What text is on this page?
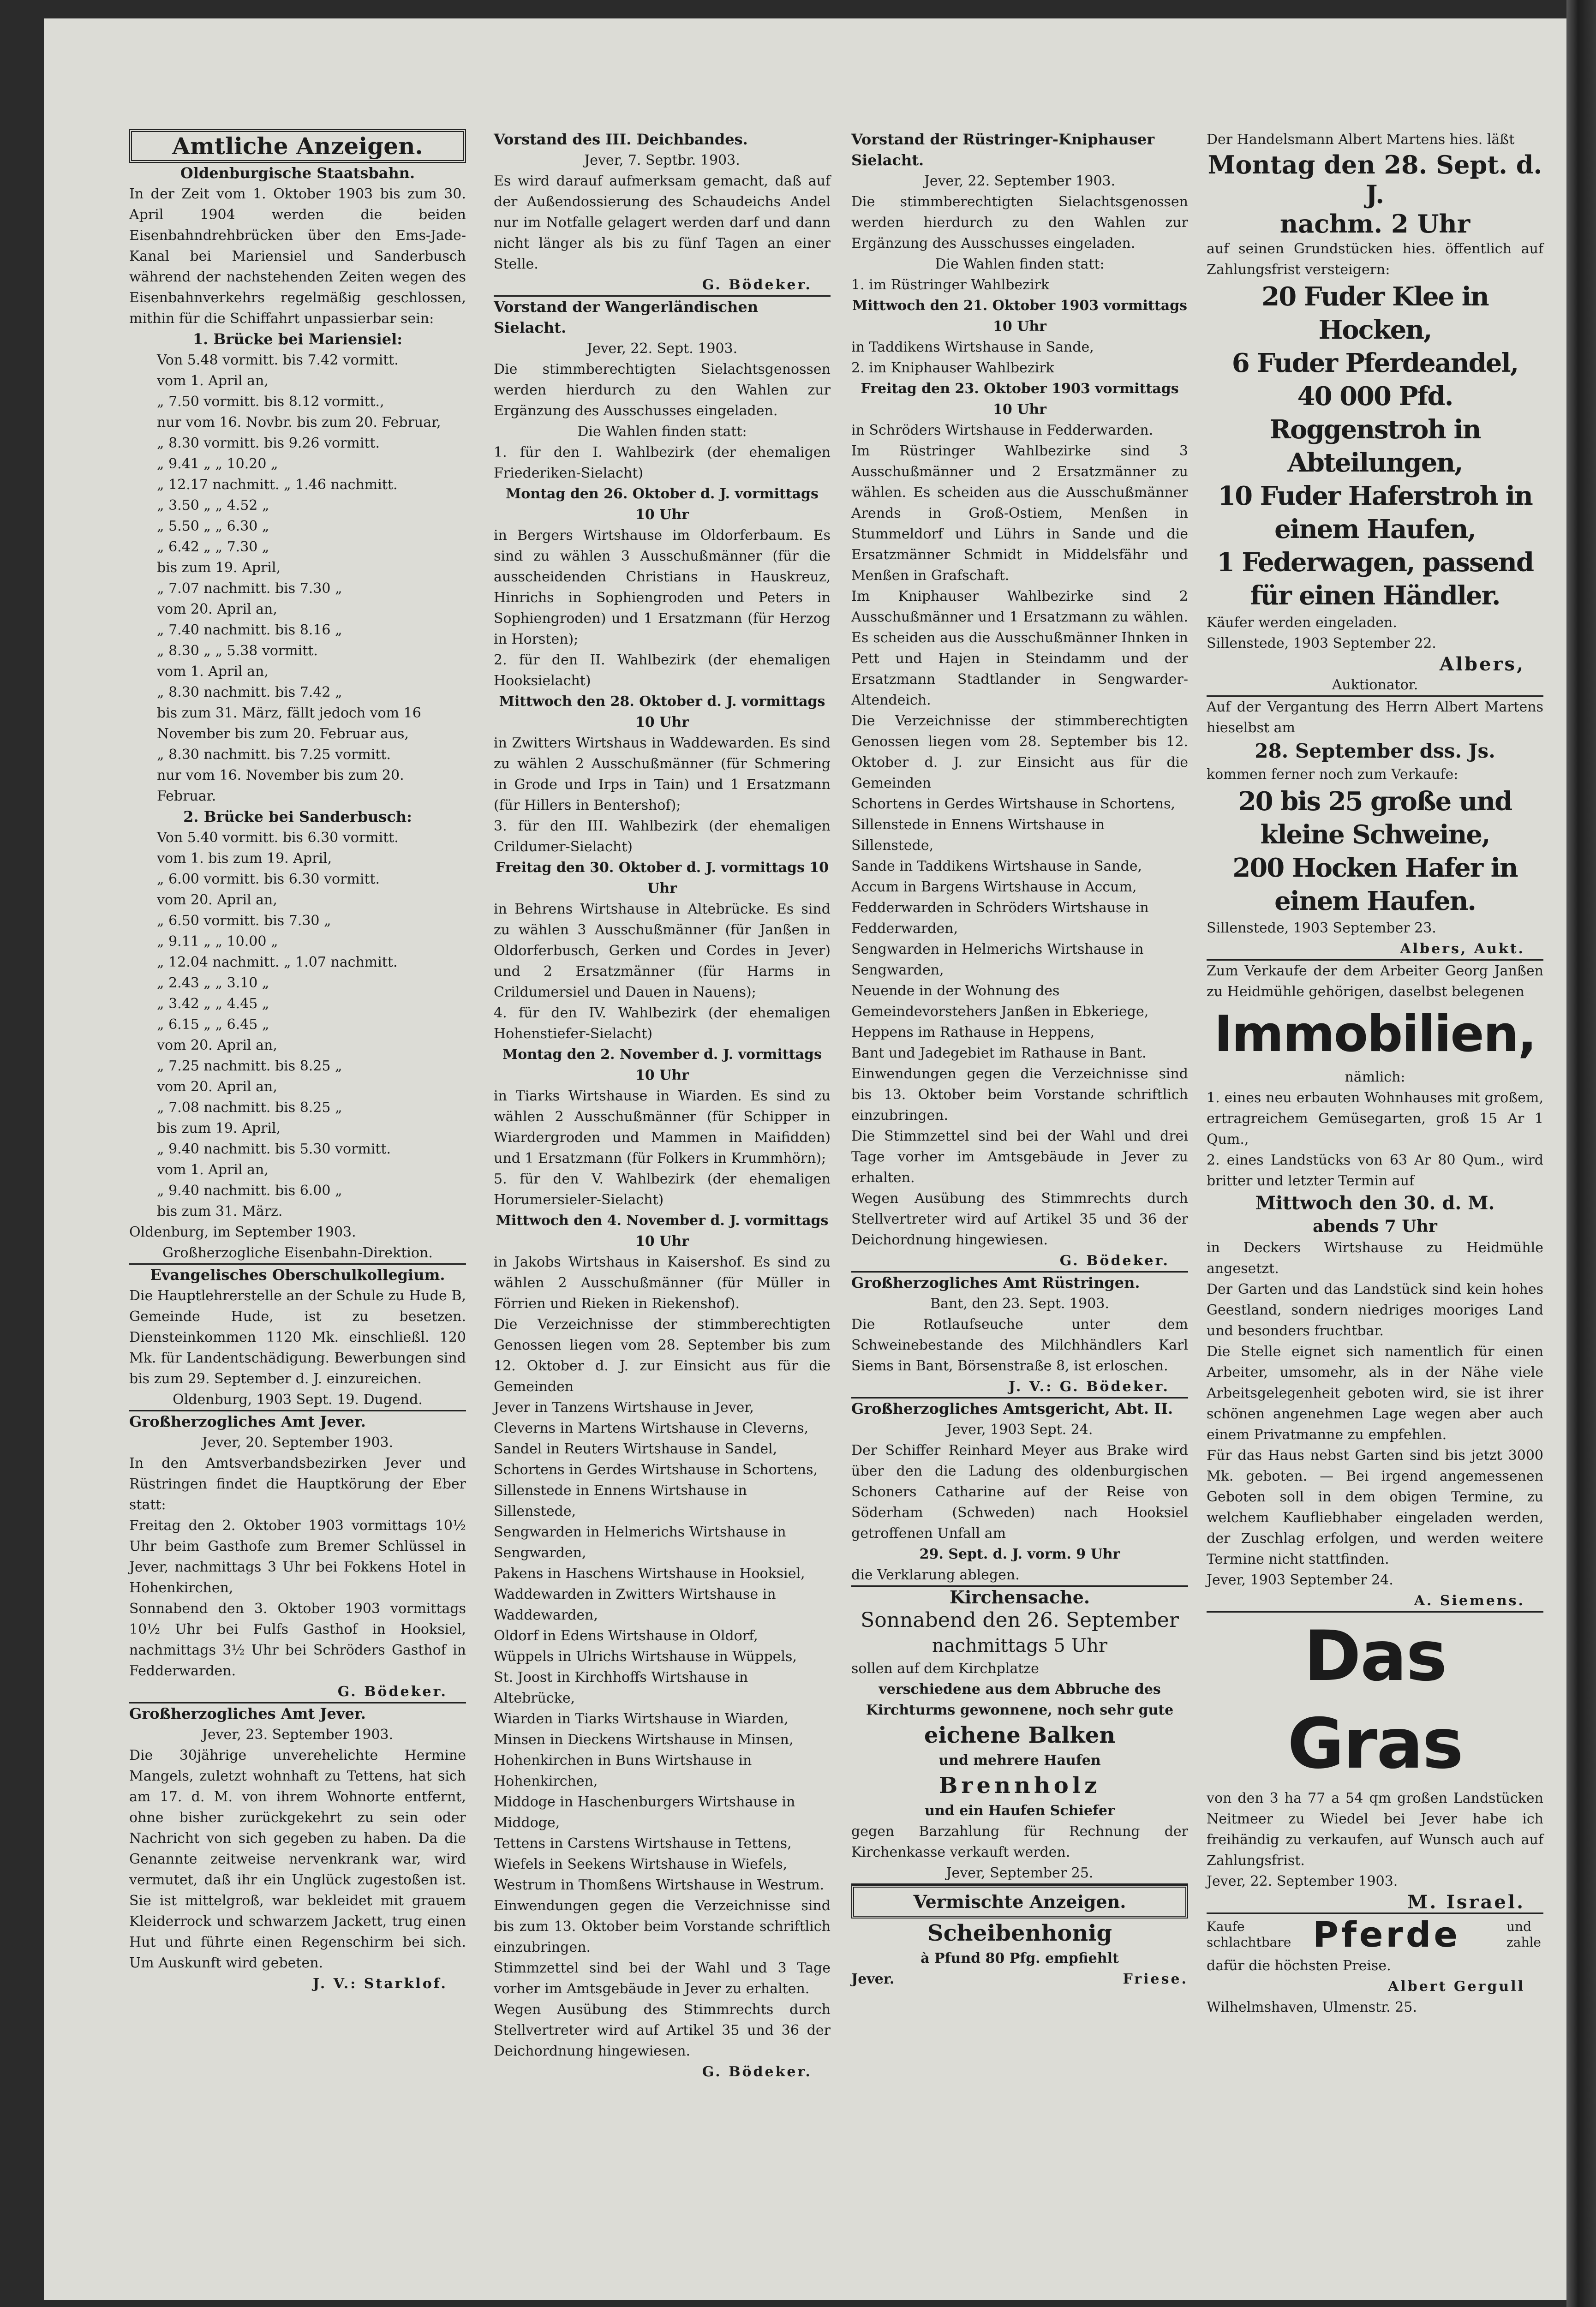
Amtliche Anzeigen.
Oldenburgische Staatsbahn.

In der Zeit vom 1. Oktober 1903 bis zum 30. April 1904 werden die beiden Eisenbahndrehbrücken über den Ems-Jade-Kanal bei Mariensiel und Sanderbusch während der nachstehenden Zeiten wegen des Eisenbahnverkehrs regelmäßig geschlossen, mithin für die Schiffahrt unpassierbar sein:

1. Brücke bei Mariensiel:
Von 5.48 vormitt. bis 7.42 vormitt.
vom 1. April an,
„ 7.50 vormitt. bis 8.12 vormitt.,
nur vom 16. Novbr. bis zum 20. Februar,
„ 8.30 vormitt. bis 9.26 vormitt.
„ 9.41 „ „ 10.20 „
„ 12.17 nachmitt. „ 1.46 nachmitt.
„ 3.50 „ „ 4.52 „
„ 5.50 „ „ 6.30 „
„ 6.42 „ „ 7.30 „
bis zum 19. April,
„ 7.07 nachmitt. bis 7.30 „
vom 20. April an,
„ 7.40 nachmitt. bis 8.16 „
„ 8.30 „ „ 5.38 vormitt.
vom 1. April an,
„ 8.30 nachmitt. bis 7.42 „
bis zum 31. März, fällt jedoch vom 16 November bis zum 20. Februar aus,
„ 8.30 nachmitt. bis 7.25 vormitt.
nur vom 16. November bis zum 20. Februar.
2. Brücke bei Sanderbusch:
Von 5.40 vormitt. bis 6.30 vormitt.
vom 1. bis zum 19. April,
„ 6.00 vormitt. bis 6.30 vormitt.
vom 20. April an,
„ 6.50 vormitt. bis 7.30 „
„ 9.11 „ „ 10.00 „
„ 12.04 nachmitt. „ 1.07 nachmitt.
„ 2.43 „ „ 3.10 „
„ 3.42 „ „ 4.45 „
„ 6.15 „ „ 6.45 „
vom 20. April an,
„ 7.25 nachmitt. bis 8.25 „
vom 20. April an,
„ 7.08 nachmitt. bis 8.25 „
bis zum 19. April,
„ 9.40 nachmitt. bis 5.30 vormitt.
vom 1. April an,
„ 9.40 nachmitt. bis 6.00 „
bis zum 31. März.

Oldenburg, im September 1903.

Großherzogliche Eisenbahn-Direktion.

Evangelisches Oberschulkollegium.

Die Hauptlehrerstelle an der Schule zu Hude B, Gemeinde Hude, ist zu besetzen. Diensteinkommen 1120 Mk. einschließl. 120 Mk. für Landentschädigung. Bewerbungen sind bis zum 29. September d. J. einzureichen.

Oldenburg, 1903 Sept. 19. Dugend.

Großherzogliches Amt Jever.

Jever, 20. September 1903.

In den Amtsverbandsbezirken Jever und Rüstringen findet die Hauptkörung der Eber statt:

Freitag den 2. Oktober 1903 vormittags 10½ Uhr beim Gasthofe zum Bremer Schlüssel in Jever, nachmittags 3 Uhr bei Fokkens Hotel in Hohenkirchen,

Sonnabend den 3. Oktober 1903 vormittags 10½ Uhr bei Fulfs Gasthof in Hooksiel, nachmittags 3½ Uhr bei Schröders Gasthof in Fedderwarden.

G. Bödeker.

Großherzogliches Amt Jever.

Jever, 23. September 1903.

Die 30jährige unverehelichte Hermine Mangels, zuletzt wohnhaft zu Tettens, hat sich am 17. d. M. von ihrem Wohnorte entfernt, ohne bisher zurückgekehrt zu sein oder Nachricht von sich gegeben zu haben. Da die Genannte zeitweise nervenkrank war, wird vermutet, daß ihr ein Unglück zugestoßen ist. Sie ist mittelgroß, war bekleidet mit grauem Kleiderrock und schwarzem Jackett, trug einen Hut und führte einen Regenschirm bei sich. Um Auskunft wird gebeten.

J. V.: Starklof.

Vorstand des III. Deichbandes.

Jever, 7. Septbr. 1903.

Es wird darauf aufmerksam gemacht, daß auf der Außendossierung des Schaudeichs Andel nur im Notfalle gelagert werden darf und dann nicht länger als bis zu fünf Tagen an einer Stelle.

G. Bödeker.

Vorstand der Wangerländischen Sielacht.

Jever, 22. Sept. 1903.

Die stimmberechtigten Sielachtsgenossen werden hierdurch zu den Wahlen zur Ergänzung des Ausschusses eingeladen.

Die Wahlen finden statt:

1. für den I. Wahlbezirk (der ehemaligen Friederiken-Sielacht)

Montag den 26. Oktober d. J. vormittags 10 Uhr

in Bergers Wirtshause im Oldorferbaum. Es sind zu wählen 3 Ausschußmänner (für die ausscheidenden Christians in Hauskreuz, Hinrichs in Sophiengroden und Peters in Sophiengroden) und 1 Ersatzmann (für Herzog in Horsten);

2. für den II. Wahlbezirk (der ehemaligen Hooksielacht)

Mittwoch den 28. Oktober d. J. vormittags 10 Uhr

in Zwitters Wirtshaus in Waddewarden. Es sind zu wählen 2 Ausschußmänner (für Schmering in Grode und Irps in Tain) und 1 Ersatzmann (für Hillers in Bentershof);

3. für den III. Wahlbezirk (der ehemaligen Crildumer-Sielacht)

Freitag den 30. Oktober d. J. vormittags 10 Uhr

in Behrens Wirtshause in Altebrücke. Es sind zu wählen 3 Ausschußmänner (für Janßen in Oldorferbusch, Gerken und Cordes in Jever) und 2 Ersatzmänner (für Harms in Crildumersiel und Dauen in Nauens);

4. für den IV. Wahlbezirk (der ehemaligen Hohenstiefer-Sielacht)

Montag den 2. November d. J. vormittags 10 Uhr

in Tiarks Wirtshause in Wiarden. Es sind zu wählen 2 Ausschußmänner (für Schipper in Wiardergroden und Mammen in Maifidden) und 1 Ersatzmann (für Folkers in Krummhörn);

5. für den V. Wahlbezirk (der ehemaligen Horumersieler-Sielacht)

Mittwoch den 4. November d. J. vormittags 10 Uhr

in Jakobs Wirtshaus in Kaisershof. Es sind zu wählen 2 Ausschußmänner (für Müller in Förrien und Rieken in Riekenshof).

Die Verzeichnisse der stimmberechtigten Genossen liegen vom 28. September bis zum 12. Oktober d. J. zur Einsicht aus für die Gemeinden

Jever in Tanzens Wirtshause in Jever,
Cleverns in Martens Wirtshause in Cleverns,
Sandel in Reuters Wirtshause in Sandel,
Schortens in Gerdes Wirtshause in Schortens,
Sillenstede in Ennens Wirtshause in Sillenstede,
Sengwarden in Helmerichs Wirtshause in Sengwarden,
Pakens in Haschens Wirtshause in Hooksiel,
Waddewarden in Zwitters Wirtshause in Waddewarden,
Oldorf in Edens Wirtshause in Oldorf,
Wüppels in Ulrichs Wirtshause in Wüppels,
St. Joost in Kirchhoffs Wirtshause in Altebrücke,
Wiarden in Tiarks Wirtshause in Wiarden,
Minsen in Dieckens Wirtshause in Minsen,
Hohenkirchen in Buns Wirtshause in Hohenkirchen,
Middoge in Haschenburgers Wirtshause in Middoge,
Tettens in Carstens Wirtshause in Tettens,
Wiefels in Seekens Wirtshause in Wiefels,
Westrum in Thomßens Wirtshause in Westrum.

Einwendungen gegen die Verzeichnisse sind bis zum 13. Oktober beim Vorstande schriftlich einzubringen.

Stimmzettel sind bei der Wahl und 3 Tage vorher im Amtsgebäude in Jever zu erhalten.

Wegen Ausübung des Stimmrechts durch Stellvertreter wird auf Artikel 35 und 36 der Deichordnung hingewiesen.

G. Bödeker.

Vorstand der Rüstringer-Kniphauser Sielacht.

Jever, 22. September 1903.

Die stimmberechtigten Sielachtsgenossen werden hierdurch zu den Wahlen zur Ergänzung des Ausschusses eingeladen.

Die Wahlen finden statt:

1. im Rüstringer Wahlbezirk

Mittwoch den 21. Oktober 1903 vormittags 10 Uhr

in Taddikens Wirtshause in Sande,

2. im Kniphauser Wahlbezirk

Freitag den 23. Oktober 1903 vormittags 10 Uhr

in Schröders Wirtshause in Fedderwarden.

Im Rüstringer Wahlbezirke sind 3 Ausschußmänner und 2 Ersatzmänner zu wählen. Es scheiden aus die Ausschußmänner Arends in Groß-Ostiem, Menßen in Stummeldorf und Lührs in Sande und die Ersatzmänner Schmidt in Middelsfähr und Menßen in Grafschaft.

Im Kniphauser Wahlbezirke sind 2 Ausschußmänner und 1 Ersatzmann zu wählen. Es scheiden aus die Ausschußmänner Ihnken in Pett und Hajen in Steindamm und der Ersatzmann Stadtlander in Sengwarder-Altendeich.

Die Verzeichnisse der stimmberechtigten Genossen liegen vom 28. September bis 12. Oktober d. J. zur Einsicht aus für die Gemeinden

Schortens in Gerdes Wirtshause in Schortens,
Sillenstede in Ennens Wirtshause in Sillenstede,
Sande in Taddikens Wirtshause in Sande,
Accum in Bargens Wirtshause in Accum,
Fedderwarden in Schröders Wirtshause in Fedderwarden,
Sengwarden in Helmerichs Wirtshause in Sengwarden,
Neuende in der Wohnung des Gemeindevorstehers Janßen in Ebkeriege,
Heppens im Rathause in Heppens,
Bant und Jadegebiet im Rathause in Bant.

Einwendungen gegen die Verzeichnisse sind bis 13. Oktober beim Vorstande schriftlich einzubringen.

Die Stimmzettel sind bei der Wahl und drei Tage vorher im Amtsgebäude in Jever zu erhalten.

Wegen Ausübung des Stimmrechts durch Stellvertreter wird auf Artikel 35 und 36 der Deichordnung hingewiesen.

G. Bödeker.

Großherzogliches Amt Rüstringen.

Bant, den 23. Sept. 1903.

Die Rotlaufseuche unter dem Schweinebestande des Milchhändlers Karl Siems in Bant, Börsenstraße 8, ist erloschen.

J. V.: G. Bödeker.

Großherzogliches Amtsgericht, Abt. II.

Jever, 1903 Sept. 24.

Der Schiffer Reinhard Meyer aus Brake wird über den die Ladung des oldenburgischen Schoners Catharine auf der Reise von Söderham (Schweden) nach Hooksiel getroffenen Unfall am

29. Sept. d. J. vorm. 9 Uhr

die Verklarung ablegen.

Kirchensache.
Sonnabend den 26. September
nachmittags 5 Uhr

sollen auf dem Kirchplatze

verschiedene aus dem Abbruche des Kirchturms gewonnene, noch sehr gute

eichene Balken

und mehrere Haufen

Brennholz

und ein Haufen Schiefer

gegen Barzahlung für Rechnung der Kirchenkasse verkauft werden.

Jever, September 25.

Vermischte Anzeigen.
Scheibenhonig

à Pfund 80 Pfg. empfiehlt

Jever.	Friese.

Der Handelsmann Albert Martens hies. läßt

Montag den 28. Sept. d. J.
nachm. 2 Uhr

auf seinen Grundstücken hies. öffentlich auf Zahlungsfrist versteigern:

20 Fuder Klee in Hocken,
6 Fuder Pferdeandel,
40 000 Pfd. Roggenstroh in Abteilungen,
10 Fuder Haferstroh in einem Haufen,
1 Federwagen, passend für einen Händler.

Käufer werden eingeladen.

Sillenstede, 1903 September 22.

Albers,

Auktionator.

Auf der Vergantung des Herrn Albert Martens hieselbst am

28. September dss. Js.

kommen ferner noch zum Verkaufe:

20 bis 25 große und kleine Schweine,
200 Hocken Hafer in einem Haufen.

Sillenstede, 1903 September 23.

Albers, Aukt.

Zum Verkaufe der dem Arbeiter Georg Janßen zu Heidmühle gehörigen, daselbst belegenen

Immobilien,

nämlich:

1. eines neu erbauten Wohnhauses mit großem, ertragreichem Gemüsegarten, groß 15 Ar 1 Qum.,

2. eines Landstücks von 63 Ar 80 Qum., wird britter und letzter Termin auf

Mittwoch den 30. d. M.
abends 7 Uhr

in Deckers Wirtshause zu Heidmühle angesetzt.

Der Garten und das Landstück sind kein hohes Geestland, sondern niedriges mooriges Land und besonders fruchtbar.

Die Stelle eignet sich namentlich für einen Arbeiter, umsomehr, als in der Nähe viele Arbeitsgelegenheit geboten wird, sie ist ihrer schönen angenehmen Lage wegen aber auch einem Privatmanne zu empfehlen.

Für das Haus nebst Garten sind bis jetzt 3000 Mk. geboten. — Bei irgend angemessenen Geboten soll in dem obigen Termine, zu welchem Kaufliebhaber eingeladen werden, der Zuschlag erfolgen, und werden weitere Termine nicht stattfinden.

Jever, 1903 September 24.

A. Siemens.

Das Gras

von den 3 ha 77 a 54 qm großen Landstücken Neitmeer zu Wiedel bei Jever habe ich freihändig zu verkaufen, auf Wunsch auch auf Zahlungsfrist.

Jever, 22. September 1903.

M. Israel.

Kaufe schlachtbare Pferde	und zahle

dafür die höchsten Preise.

Albert Gergull

Wilhelmshaven, Ulmenstr. 25.
